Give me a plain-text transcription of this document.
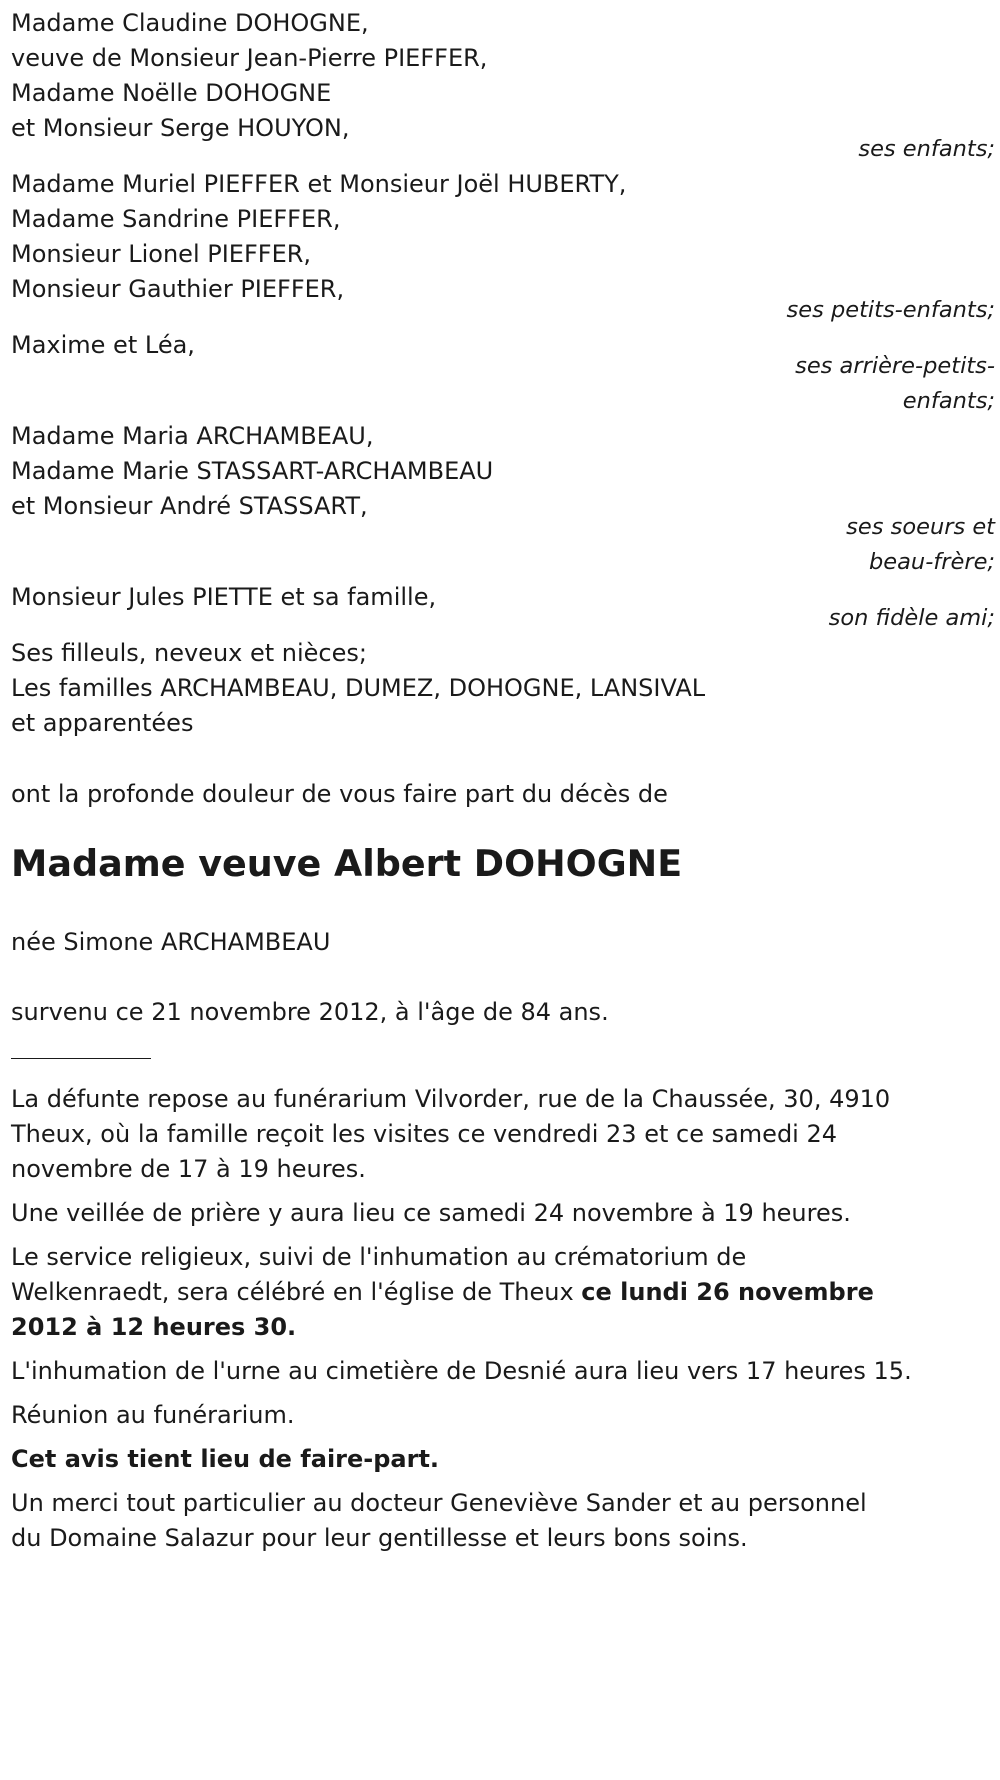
Madame Claudine DOHOGNE,
veuve de Monsieur Jean-Pierre PIEFFER,
Madame Noëlle DOHOGNE
et Monsieur Serge HOUYON,
ses enfants;
Madame Muriel PIEFFER et Monsieur Joël HUBERTY,
Madame Sandrine PIEFFER,
Monsieur Lionel PIEFFER,
Monsieur Gauthier PIEFFER,
ses petits-enfants;
Maxime et Léa,
ses arrière-petits-
enfants;
Madame Maria ARCHAMBEAU,
Madame Marie STASSART-ARCHAMBEAU
et Monsieur André STASSART,
ses soeurs et
beau-frère;
Monsieur Jules PIETTE et sa famille,
son fidèle ami;
Ses filleuls, neveux et nièces;
Les familles ARCHAMBEAU, DUMEZ, DOHOGNE, LANSIVAL
et apparentées
ont la profonde douleur de vous faire part du décès de
Madame veuve Albert DOHOGNE
née Simone ARCHAMBEAU
survenu ce 21 novembre 2012, à l'âge de 84 ans.
La défunte repose au funérarium Vilvorder, rue de la Chaussée, 30, 4910
Theux, où la famille reçoit les visites ce vendredi 23 et ce samedi 24
novembre de 17 à 19 heures.
Une veillée de prière y aura lieu ce samedi 24 novembre à 19 heures.
Le service religieux, suivi de l'inhumation au crématorium de
Welkenraedt, sera célébré en l'église de Theux ce lundi 26 novembre
2012 à 12 heures 30.
L'inhumation de l'urne au cimetière de Desnié aura lieu vers 17 heures 15.
Réunion au funérarium.
Cet avis tient lieu de faire-part.
Un merci tout particulier au docteur Geneviève Sander et au personnel
du Domaine Salazur pour leur gentillesse et leurs bons soins.
